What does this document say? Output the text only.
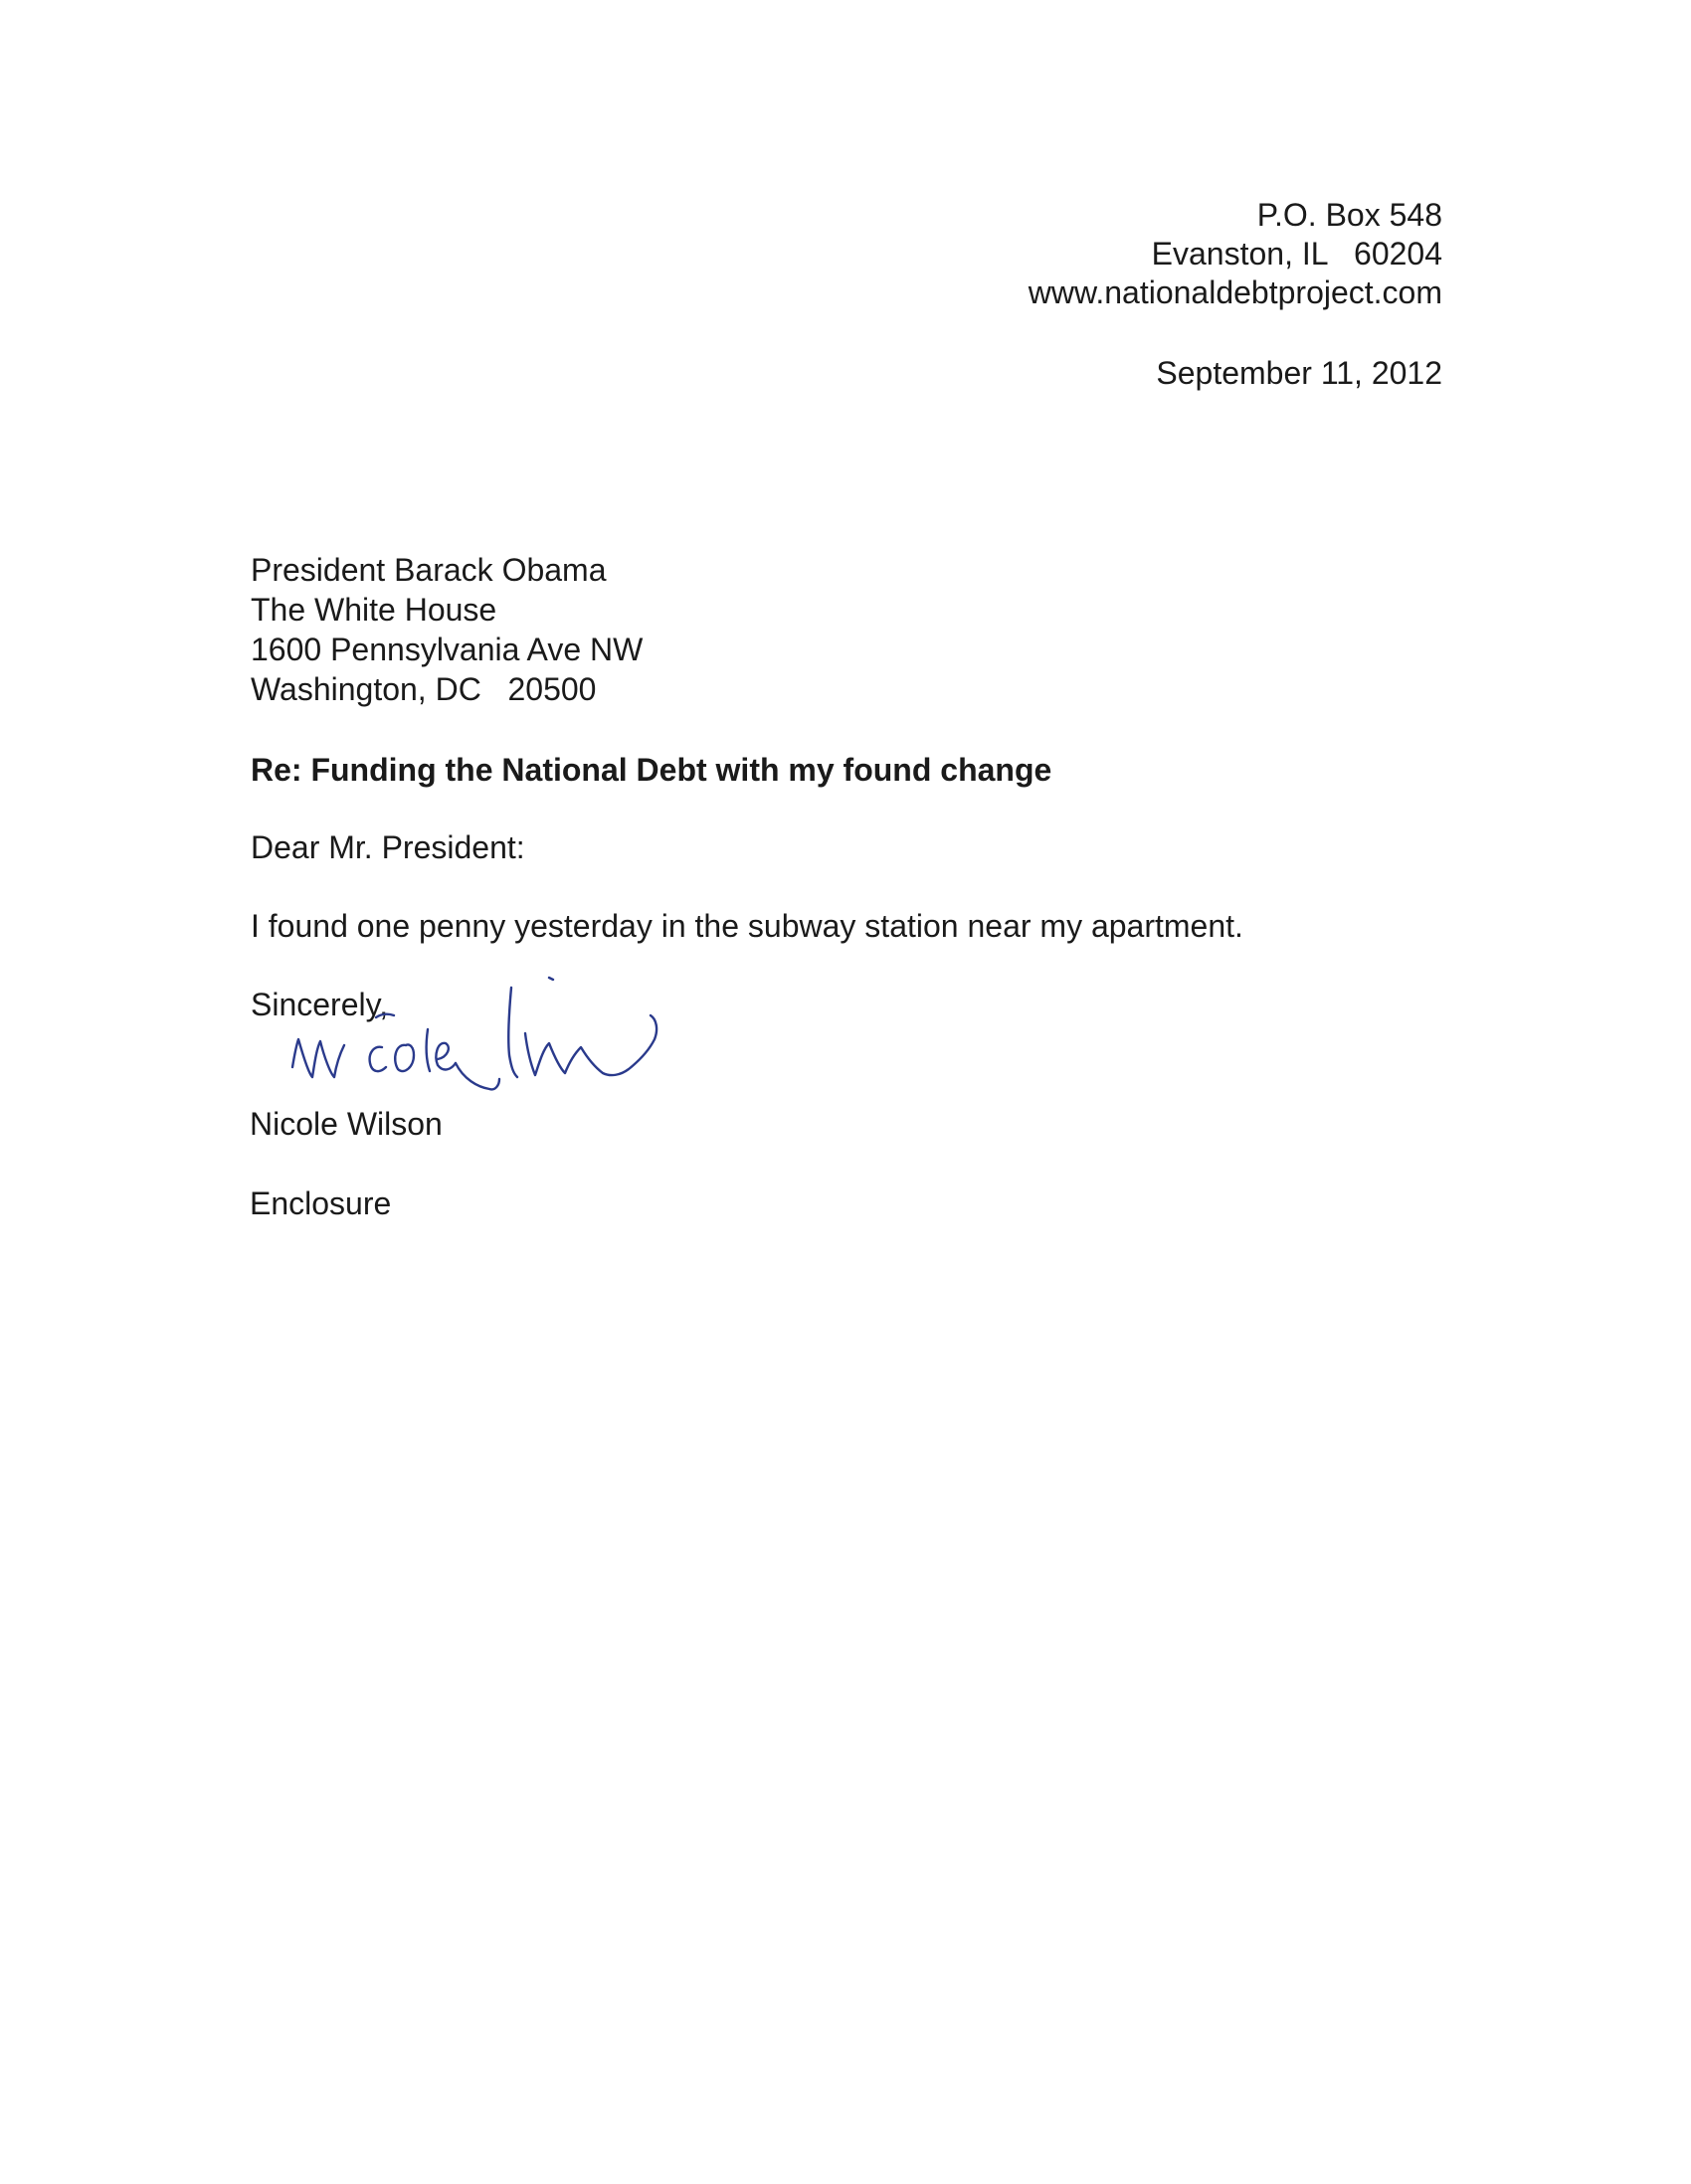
P.O. Box 548
Evanston, IL   60204
www.nationaldebtproject.com
September 11, 2012
President Barack Obama
The White House
1600 Pennsylvania Ave NW
Washington, DC   20500
Re: Funding the National Debt with my found change
Dear Mr. President:
I found one penny yesterday in the subway station near my apartment.
Sincerely,
Nicole Wilson
Enclosure
